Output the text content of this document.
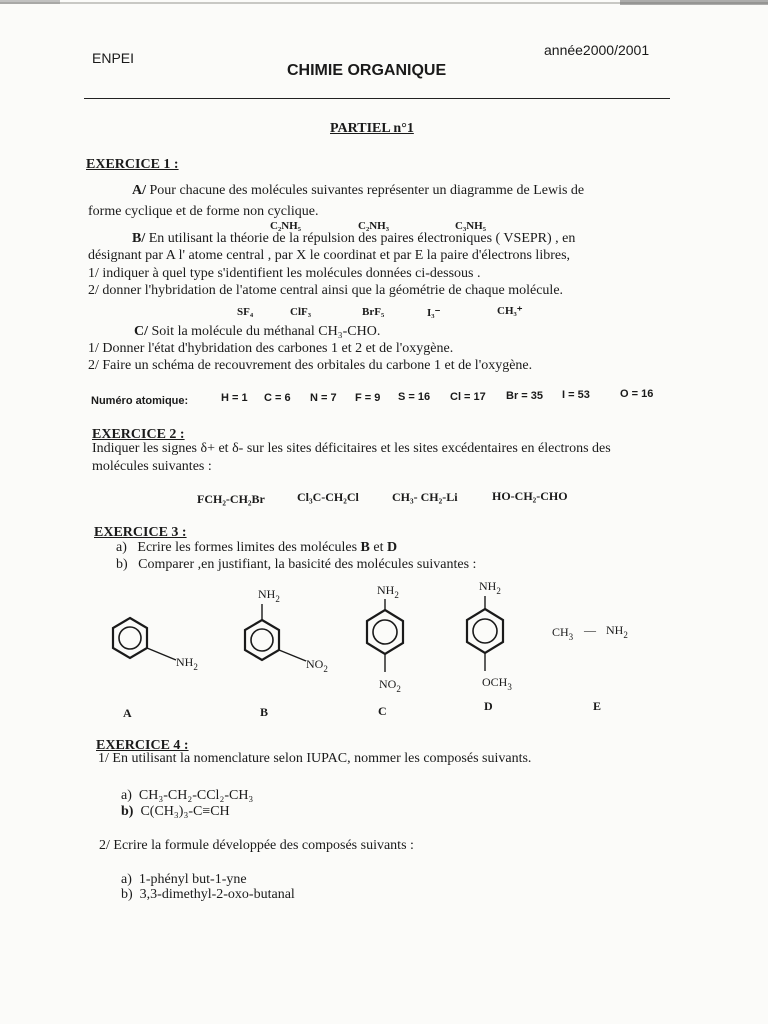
ENPEI	année2000/2001
CHIMIE ORGANIQUE
PARTIEL n°1
EXERCICE 1 :
A/ Pour chacune des molécules suivantes représenter un diagramme de Lewis de
forme cyclique et de forme non cyclique.
C₂NH₅	C₂NH₃	C₃NH₅
B/ En utilisant la théorie de la répulsion des paires électroniques ( VSEPR) , en
désignant par A l' atome central , par X le coordinat et par E la paire d'électrons libres,
1/ indiquer à quel type s'identifient les molécules données ci-dessous .
2/ donner l'hybridation de l'atome central ainsi que la géométrie de chaque molécule.
SF₄	ClF₃	BrF₅	I₃⁻	CH₃⁺
C/ Soit la molécule du méthanal CH₃-CHO.
1/ Donner l'état d'hybridation des carbones 1 et 2 et de l'oxygène.
2/ Faire un schéma de recouvrement des orbitales du carbone 1 et de l'oxygène.
Numéro atomique:	H = 1 C = 6 N = 7 F = 9 S = 16 Cl = 17 Br = 35 I = 53	O = 16
EXERCICE 2 :
Indiquer les signes δ+ et δ- sur les sites déficitaires et les sites excédentaires en électrons des
molécules suivantes :
FCH₂-CH₂Br	Cl₃C-CH₂Cl	CH₃- CH₂-Li	HO-CH₂-CHO
EXERCICE 3 :
a) Ecrire les formes limites des molécules B et D
b) Comparer ,en justifiant, la basicité des molécules suivantes :
$NH_2$
$NH_2$
$NO_2$
$NH_2$
$NO_2$
$NH_2$
$OCH_3$
$CH_3$ — $NH_2$
A	B	C	D	E
EXERCICE 4 :
1/ En utilisant la nomenclature selon IUPAC, nommer les composés suivants.
a) CH₃-CH₂-CCl₂-CH₃
b) C(CH₃)₃-C≡CH
2/ Ecrire la formule développée des composés suivants :
a) 1-phényl but-1-yne
b) 3,3-dimethyl-2-oxo-butanal
